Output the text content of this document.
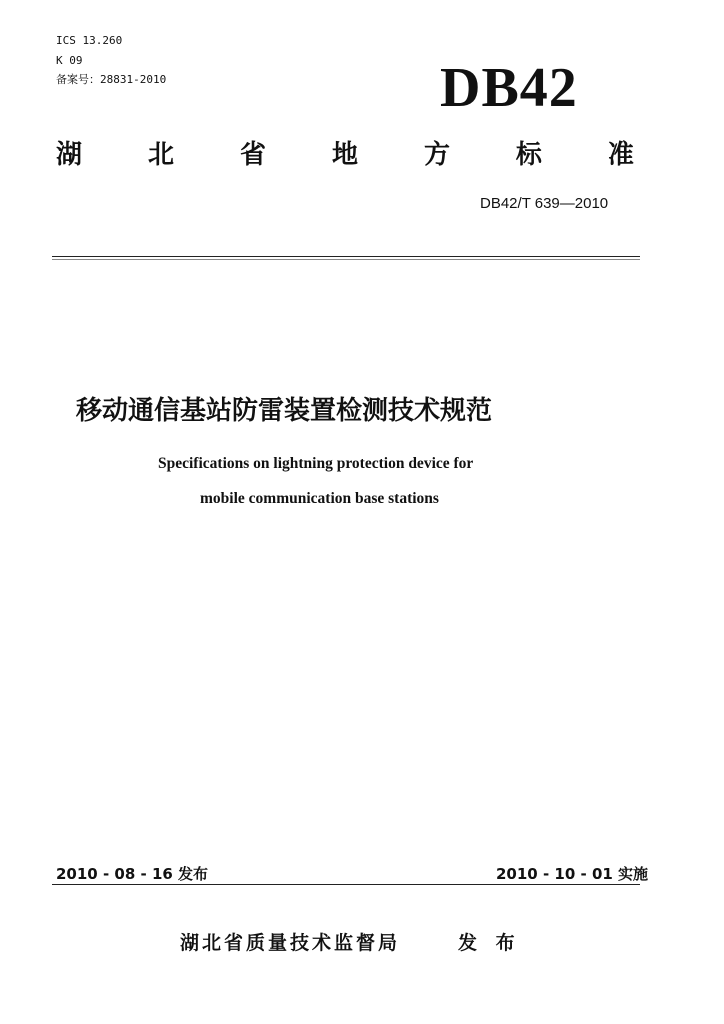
ICS 13.260
K 09
备案号：28831-2010	DB42
湖	北	省	地	方	标	准
DB42/T 639—2010
移动通信基站防雷装置检测技术规范
Specifications on lightning protection device for
mobile communication base stations
2010 - 08 - 16 发布	2010 - 10 - 01 实施
湖北省质量技术监督局	发 布
